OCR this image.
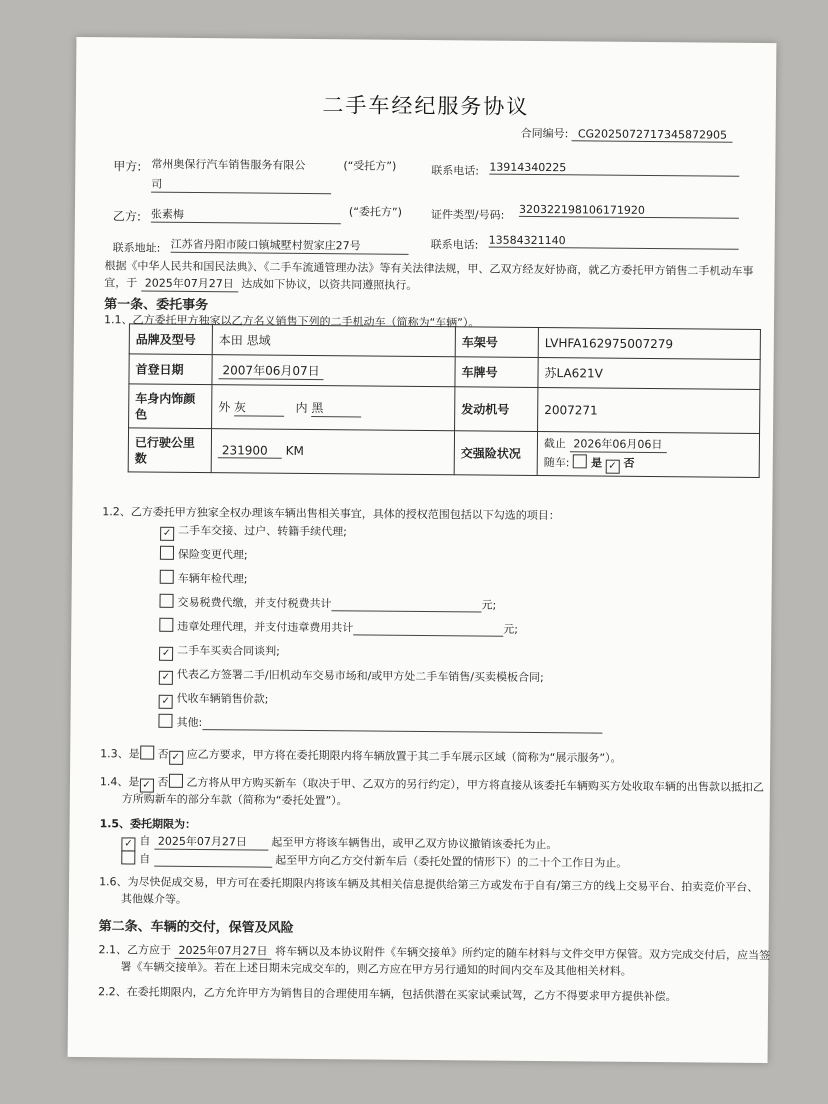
二手车经纪服务协议
合同编号: CG2025072717345872905
甲方: 常州奥保行汽车销售服务有限公
司
(“受托方”)	联系电话: 13914340225
乙方: 张素梅	(“委托方”)	证件类型/号码: 320322198106171920
联系地址: 江苏省丹阳市陵口镇城墅村贺家庄27号	联系电话: 13584321140
根据《中华人民共和国民法典》、《二手车流通管理办法》等有关法律法规，甲、乙双方经友好协商，就乙方委托甲方销售二手机动车事
宜，于 2025年07月27日 达成如下协议，以资共同遵照执行。
第一条、委托事务
1.1、乙方委托甲方独家以乙方名义销售下列的二手机动车（简称为“车辆”）。
品牌及型号	本田 思域	车架号	LVHFA162975007279
首登日期	2007年06月07日	车牌号	苏LA621V
车身内饰颜色	外 灰 内 黑	发动机号	2007271
已行驶公里数	231900 KM	交强险状况	截止 2026年06月06日
随车: 是 ✓ 否
1.2、乙方委托甲方独家全权办理该车辆出售相关事宜，具体的授权范围包括以下勾选的项目：
✓ 二手车交接、过户、转籍手续代理;
保险变更代理;
车辆年检代理;
交易税费代缴，并支付税费共计	元;
违章处理代理，并支付违章费用共计	元;
✓ 二手车买卖合同谈判;
✓ 代表乙方签署二手/旧机动车交易市场和/或甲方处二手车销售/买卖模板合同;
✓ 代收车辆销售价款;
其他:
1.3、是 否 ✓ 应乙方要求，甲方将在委托期限内将车辆放置于其二手车展示区域（简称为“展示服务”）。
1.4、是 ✓ 否 乙方将从甲方购买新车（取决于甲、乙双方的另行约定），甲方将直接从该委托车辆购买方处收取车辆的出售款以抵扣乙
方所购新车的部分车款（简称为“委托处置”）。
1.5、委托期限为：
✓ 自 2025年07月27日 起至甲方将该车辆售出，或甲乙双方协议撤销该委托为止。
自	起至甲方向乙方交付新车后（委托处置的情形下）的二十个工作日为止。
1.6、为尽快促成交易，甲方可在委托期限内将该车辆及其相关信息提供给第三方或发布于自有/第三方的线上交易平台、拍卖竞价平台、
其他媒介等。
第二条、车辆的交付，保管及风险
2.1、乙方应于 2025年07月27日 将车辆以及本协议附件《车辆交接单》所约定的随车材料与文件交甲方保管。双方完成交付后，应当签
署《车辆交接单》。若在上述日期未完成交车的，则乙方应在甲方另行通知的时间内交车及其他相关材料。
2.2、在委托期限内，乙方允许甲方为销售目的合理使用车辆，包括供潜在买家试乘试驾，乙方不得要求甲方提供补偿。
